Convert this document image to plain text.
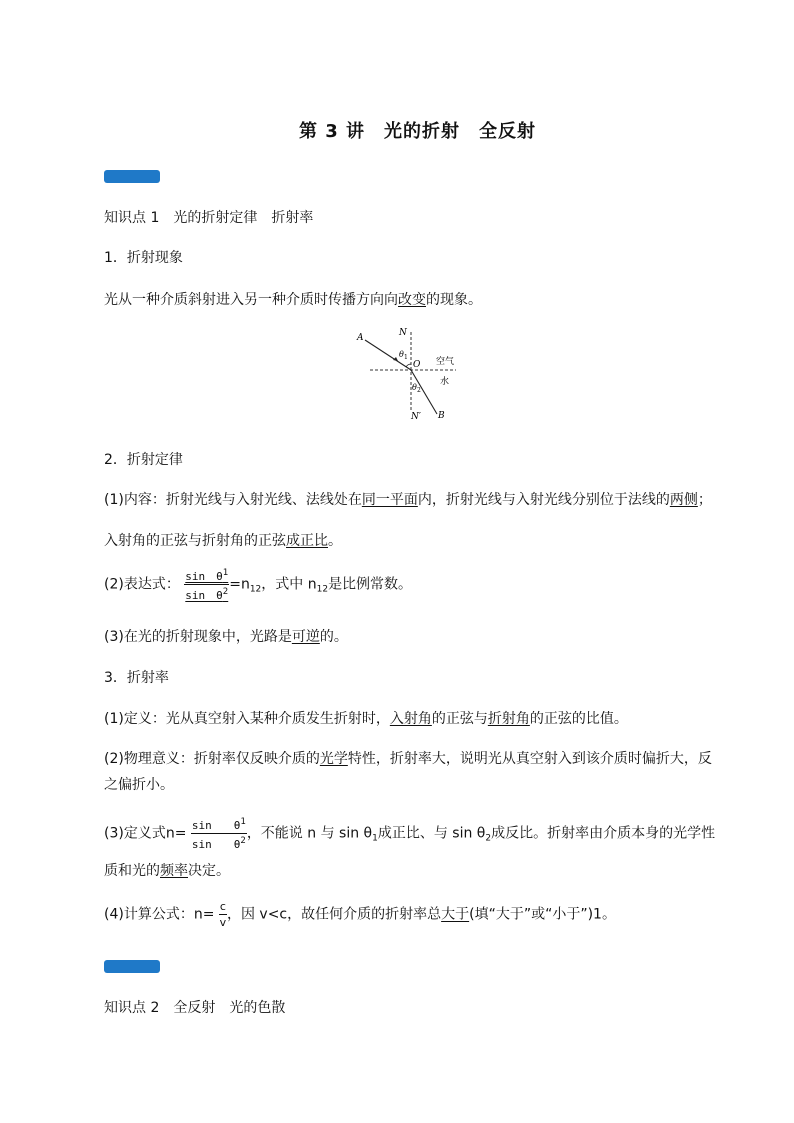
第 3 讲　光的折射　全反射
知识点 1　光的折射定律　折射率
1．折射现象
光从一种介质斜射进入另一种介质时传播方向向改变的现象。
A	N
θ 1
O 空气
水
θ 2
N′ B
2．折射定律
(1)内容：折射光线与入射光线、法线处在同一平面内，折射光线与入射光线分别位于法线的两侧；
入射角的正弦与折射角的正弦成正比。
(2)表达式： $\frac{\sin \theta^1}{\sin \theta^2} =n_{12}$，式中 $n_{12}$是比例常数。
(3)在光的折射现象中，光路是可逆的。
3．折射率
(1)定义：光从真空射入某种介质发生折射时，入射角的正弦与折射角的正弦的比值。
(2)物理意义：折射率仅反映介质的光学特性，折射率大，说明光从真空射入到该介质时偏折大，反
之偏折小。
(3)定义式$n= \frac{\sin \theta^1}{\sin \theta^2}$ ，不能说 n 与 $\sin \theta_1$成正比、与 $\sin \theta_2$成反比。折射率由介质本身的光学性
质和光的频率决定。
(4)计算公式：$n= \frac{c}{v}$ ，因 v<c，故任何介质的折射率总大于(填“大于”或“小于”)1。
知识点 2　全反射　光的色散
